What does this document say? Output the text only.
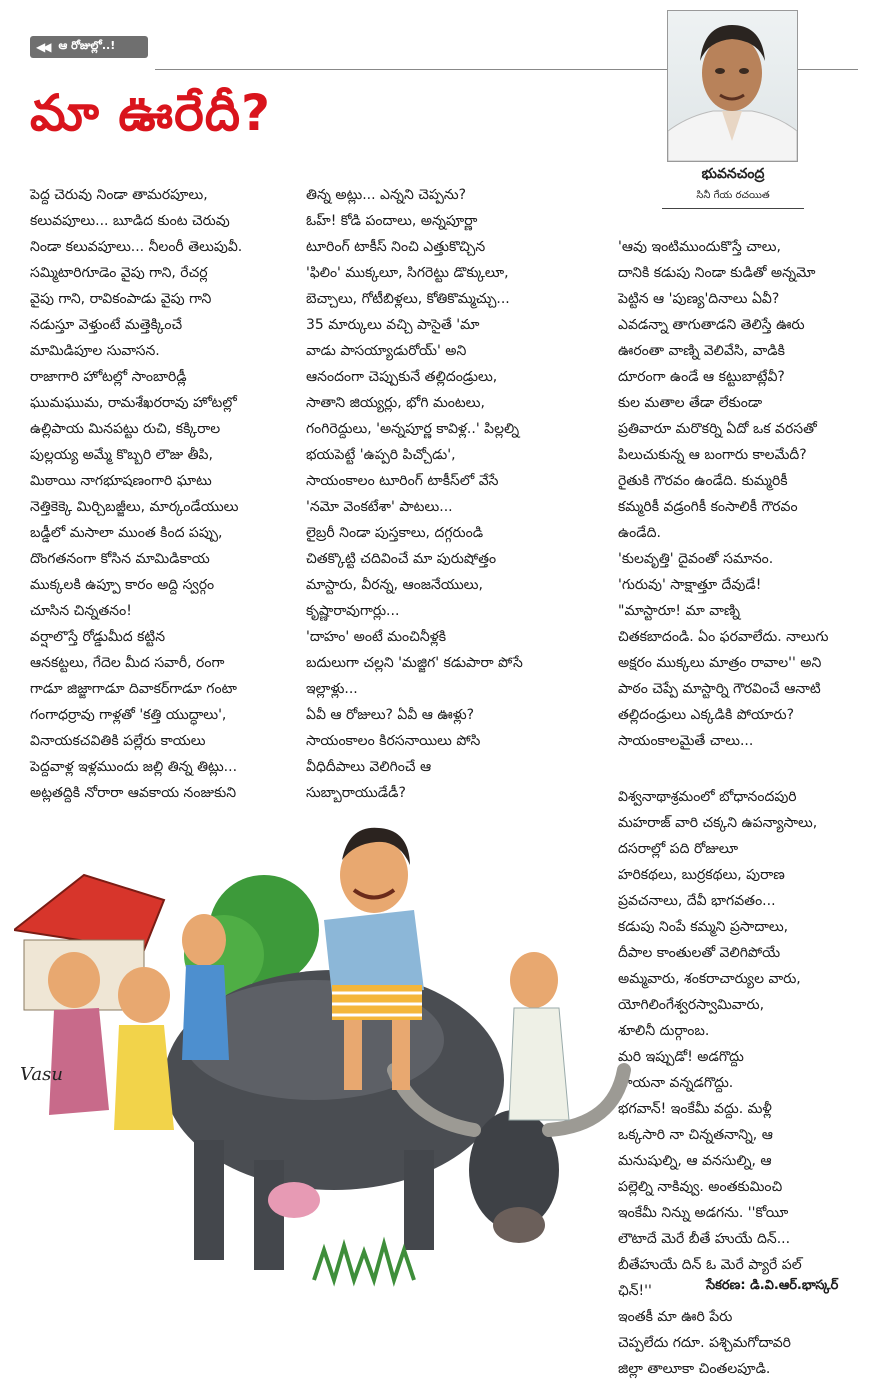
◀◀ ఆ రోజుల్లో..!
మా ఊరేదీ?
భువనచంద్ర
సినీ గేయ రచయిత

పెద్ద చెరువు నిండా తామరపూలు,
కలువపూలు... బూడిద కుంట చెరువు
నిండా కలువపూలు... నీలంరీ తెలుపువీ.
సమ్మిటారిగూడెం వైపు గాని, రేచర్ల
వైపు గాని, రావికంపాడు వైపు గాని
నడుస్తూ వెళ్తుంటే మత్తెక్కించే
మామిడిపూల సువాసన.
రాజాగారి హోటల్లో సాంబారిడ్లీ
ఘుమఘుమ, రామశేఖరరావు హోటల్లో
ఉల్లిపాయ మినపట్టు రుచి, కక్కిరాల
పుల్లయ్య అమ్మే కొబ్బరి లౌజు తీపి,
మిఠాయి నాగభూషణంగారి ఘాటు
నెత్తికెక్కె మిర్చిబజ్జీలు, మార్కండేయులు
బడ్డీలో మసాలా ముంత కింద పప్పు,
దొంగతనంగా కోసిన మామిడికాయ
ముక్కలకి ఉప్పూ కారం అద్ది స్వర్గం
చూసిన చిన్నతనం!
వర్షాలొస్తే రోడ్డుమీద కట్టిన
ఆనకట్టలు, గేదెల మీద సవారీ, రంగా
గాడూ జిజ్జాగాడూ దివాకర్‌గాడూ గంటా
గంగాధర్రావు గాళ్లతో 'కత్తి యుద్ధాలు',
వినాయకచవితికి పల్లేరు కాయలు
పెద్దవాళ్ల ఇళ్లముందు జల్లి తిన్న తిట్లు...
అట్లతద్దికి నోరారా ఆవకాయ నంజుకుని

తిన్న అట్లు... ఎన్నని చెప్పను?
ఓహ్! కోడి పందాలు, అన్నపూర్ణా
టూరింగ్ టాకీస్ నించి ఎత్తుకొచ్చిన
'ఫిలిం' ముక్కలూ, సిగరెట్టు డొక్కులూ,
బెచ్చాలు, గోటీబిళ్లలు, కోతికొమ్మచ్చు...
35 మార్కులు వచ్చి పాసైతే 'మా
వాడు పాసయ్యాడురోయ్' అని
ఆనందంగా చెప్పుకునే తల్లిదండ్రులు,
సాతాని జియ్యర్లు, భోగి మంటలు,
గంగిరెద్దులు, 'అన్నపూర్ణ కావిళ్ల..' పిల్లల్ని
భయపెట్టే 'ఉప్పరి పిచ్చోడు',
సాయంకాలం టూరింగ్ టాకీస్‌లో వేసే
'నమో వెంకటేశా' పాటలు...
లైబ్రరీ నిండా పుస్తకాలు, దగ్గరుండి
చితక్కొట్టి చదివించే మా పురుషోత్తం
మాస్టారు, వీరన్న, ఆంజనేయులు,
కృష్ణారావుగార్లు...
'దాహం' అంటే మంచినీళ్లకి
బదులుగా చల్లని 'మజ్జిగ' కడుపారా పోసే
ఇల్లాళ్లు...
ఏవీ ఆ రోజులు? ఏవీ ఆ ఊళ్లు?
సాయంకాలం కిరసనాయిలు పోసి
వీధిదీపాలు వెలిగించే ఆ
సుబ్బారాయుడేడీ?

'ఆవు ఇంటిముందుకొస్తే చాలు,
దానికి కడుపు నిండా కుడితో అన్నమో
పెట్టిన ఆ 'పుణ్య'దినాలు ఏవీ?
ఎవడన్నా తాగుతాడని తెలిస్తే ఊరు
ఊరంతా వాణ్ని వెలివేసి, వాడికి
దూరంగా ఉండే ఆ కట్టుబాట్లేవీ?
కుల మతాల తేడా లేకుండా
ప్రతివారూ మరొకర్ని ఏదో ఒక వరసతో
పిలుచుకున్న ఆ బంగారు కాలమేదీ?
రైతుకి గౌరవం ఉండేది. కుమ్మరికీ
కమ్మరికీ వడ్రంగికీ కంసాలికీ గౌరవం
ఉండేది.
'కులవృత్తి' దైవంతో సమానం.
'గురువు' సాక్షాత్తూ దేవుడే!
"మాస్టారూ! మా వాణ్ని
చితకబాదండి. ఏం ఫరవాలేదు. నాలుగు
అక్షరం ముక్కలు మాత్రం రావాల'' అని
పాఠం చెప్పే మాస్టార్ని గౌరవించే ఆనాటి
తల్లిదండ్రులు ఎక్కడికి పోయారు?
సాయంకాలమైతే చాలు...

విశ్వనాథాశ్రమంలో బోధానందపురి
మహరాజ్ వారి చక్కని ఉపన్యాసాలు,
దసరాల్లో పది రోజులూ
హరికథలు, బుర్రకథలు, పురాణ
ప్రవచనాలు, దేవీ భాగవతం...
కడుపు నింపే కమ్మని ప్రసాదాలు,
దీపాల కాంతులతో వెలిగిపోయే
అమ్మవారు, శంకరాచార్యుల వారు,
యోగిలింగేశ్వరస్వామివారు,
శూలినీ దుర్గాంబ.
మరి ఇప్పుడో! అడగొద్దు
నాయనా వన్నడగొద్దు.
భగవాన్! ఇంకేమీ వద్దు. మళ్లీ
ఒక్కసారి నా చిన్నతనాన్ని, ఆ
మనుషుల్ని, ఆ వనసుల్ని, ఆ
పల్లెల్ని నాకివ్వు. అంతకుమించి
ఇంకేమీ నిన్ను అడగను. ''కోయీ
లౌటాదే మెరే బీతే హుయే దిన్...
బీతేహుయే దిన్ ఓ మెరే ప్యారే పల్
ఛిన్!''
ఇంతకీ మా ఊరి పేరు
చెప్పలేదు గదూ. పశ్చిమగోదావరి
జిల్లా తాలూకా చింతలపూడి.

Vasu
సేకరణ: డి.వి.ఆర్.భాస్కర్
